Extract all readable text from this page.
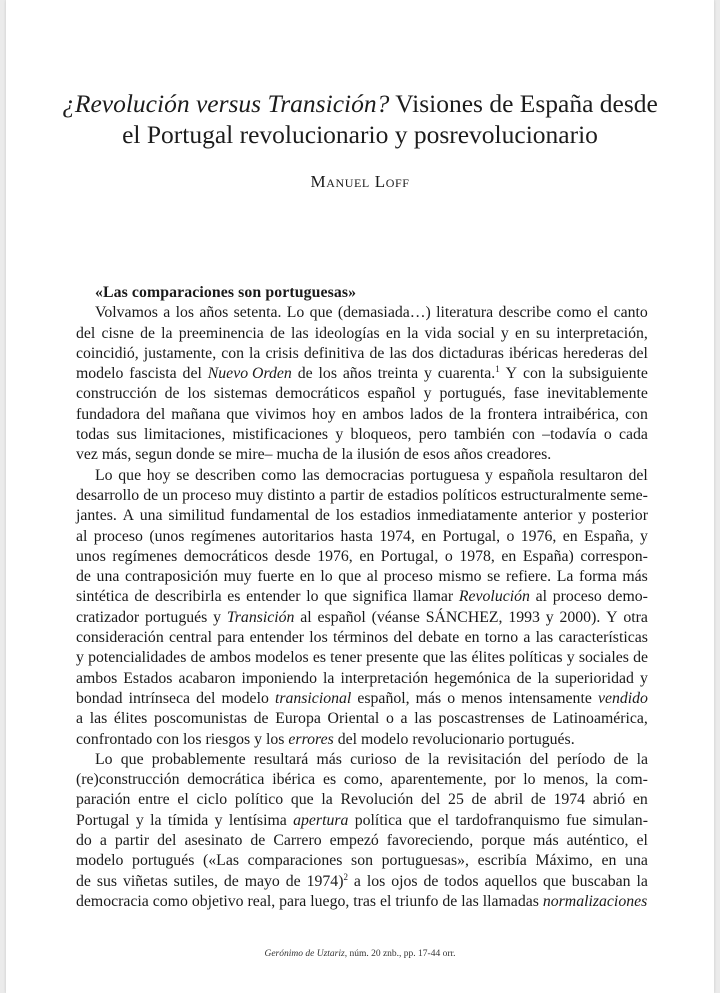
¿Revolución versus Transición? Visiones de España desde
el Portugal revolucionario y posrevolucionario
Manuel Loff
«Las comparaciones son portuguesas»
Volvamos a los años setenta. Lo que (demasiada…) literatura describe como el canto
del cisne de la preeminencia de las ideologías en la vida social y en su interpretación,
coincidió, justamente, con la crisis definitiva de las dos dictaduras ibéricas herederas del
modelo fascista del Nuevo Orden de los años treinta y cuarenta.$^1$ Y con la subsiguiente
construcción de los sistemas democráticos español y portugués, fase inevitablemente
fundadora del mañana que vivimos hoy en ambos lados de la frontera intraibérica, con
todas sus limitaciones, mistificaciones y bloqueos, pero también con –todavía o cada
vez más, segun donde se mire– mucha de la ilusión de esos años creadores.
Lo que hoy se describen como las democracias portuguesa y española resultaron del
desarrollo de un proceso muy distinto a partir de estadios políticos estructuralmente seme-
jantes. A una similitud fundamental de los estadios inmediatamente anterior y posterior
al proceso (unos regímenes autoritarios hasta 1974, en Portugal, o 1976, en España, y
unos regímenes democráticos desde 1976, en Portugal, o 1978, en España) correspon-
de una contraposición muy fuerte en lo que al proceso mismo se refiere. La forma más
sintética de describirla es entender lo que significa llamar Revolución al proceso demo-
cratizador portugués y Transición al español (véanse SÁNCHEZ, 1993 y 2000). Y otra
consideración central para entender los términos del debate en torno a las características
y potencialidades de ambos modelos es tener presente que las élites políticas y sociales de
ambos Estados acabaron imponiendo la interpretación hegemónica de la superioridad y
bondad intrínseca del modelo transicional español, más o menos intensamente vendido
a las élites poscomunistas de Europa Oriental o a las poscastrenses de Latinoamérica,
confrontado con los riesgos y los errores del modelo revolucionario portugués.
Lo que probablemente resultará más curioso de la revisitación del período de la
(re)construcción democrática ibérica es como, aparentemente, por lo menos, la com-
paración entre el ciclo político que la Revolución del 25 de abril de 1974 abrió en
Portugal y la tímida y lentísima apertura política que el tardofranquismo fue simulan-
do a partir del asesinato de Carrero empezó favoreciendo, porque más auténtico, el
modelo portugués («Las comparaciones son portuguesas», escribía Máximo, en una
de sus viñetas sutiles, de mayo de 1974)$^2$ a los ojos de todos aquellos que buscaban la
democracia como objetivo real, para luego, tras el triunfo de las llamadas normalizaciones
Gerónimo de Uztariz, núm. 20 znb., pp. 17-44 orr.
